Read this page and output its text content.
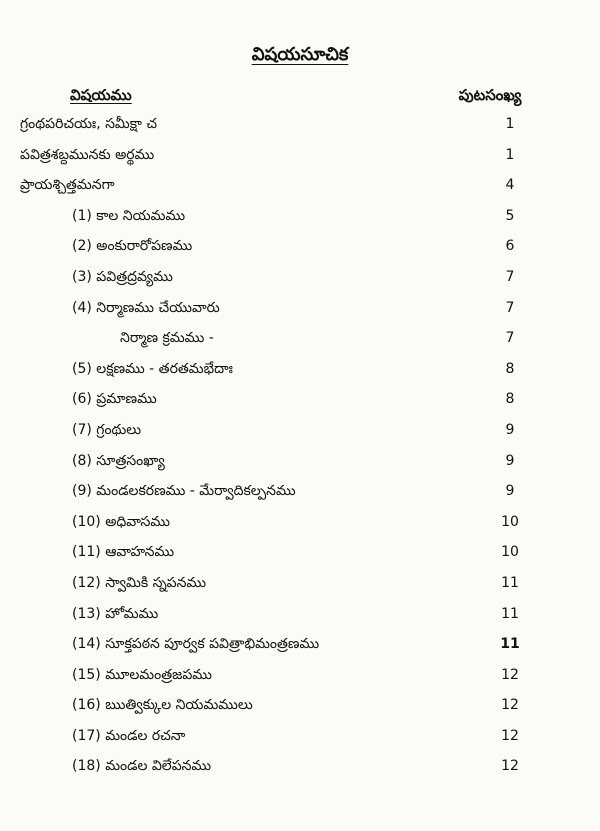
విషయసూచిక
విషయము	పుటసంఖ్య
గ్రంథపరిచయః, సమీక్షా చ	1
పవిత్రశబ్దమునకు అర్థము	1
ప్రాయశ్చిత్తమనగా	4
(1) కాల నియమము	5
(2) అంకురారోపణము	6
(3) పవిత్రద్రవ్యము	7
(4) నిర్మాణము చేయువారు	7
నిర్మాణ క్రమము -	7
(5) లక్షణము - తరతమభేదాః	8
(6) ప్రమాణము	8
(7) గ్రంథులు	9
(8) సూత్రసంఖ్యా	9
(9) మండలకరణము - మేర్వాదికల్పనము	9
(10) అధివాసము	10
(11) ఆవాహనము	10
(12) స్వామికి స్నపనము	11
(13) హోమము	11
(14) సూక్తపఠన పూర్వక పవిత్రాభిమంత్రణము	11
(15) మూలమంత్రజపము	12
(16) ఋత్విక్కుల నియమములు	12
(17) మండల రచనా	12
(18) మండల విలేపనము	12
